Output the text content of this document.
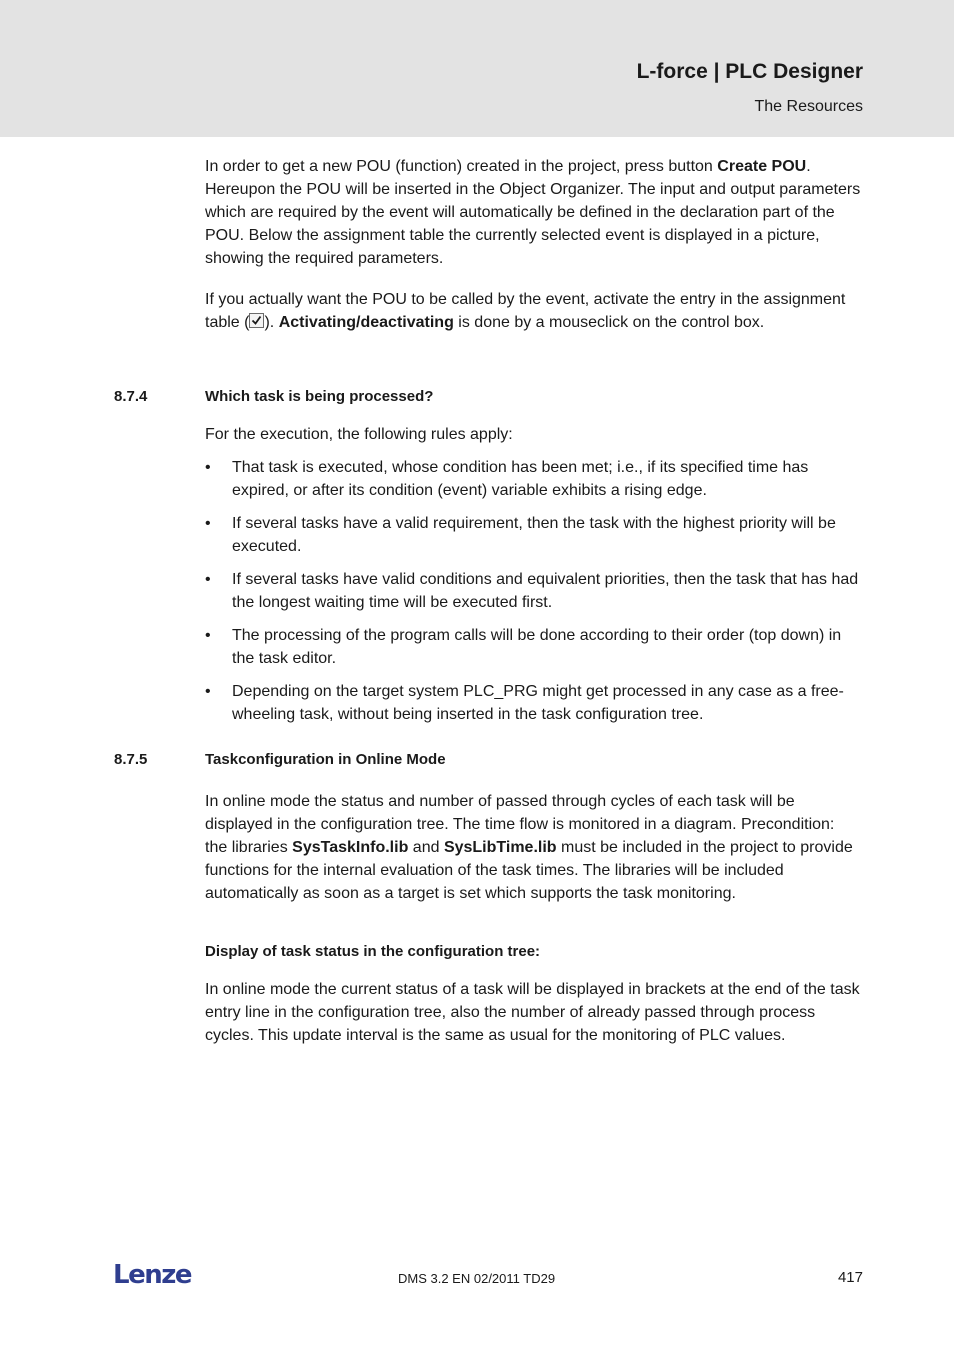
L-force | PLC Designer
The Resources

In order to get a new POU (function) created in the project, press button Create POU. Hereupon the POU will be inserted in the Object Organizer. The input and output parameters which are required by the event will automatically be defined in the declaration part of the POU. Below the assignment table the currently selected event is displayed in a picture, showing the required parameters.

If you actually want the POU to be called by the event, activate the entry in the assignment table ( ). Activating/deactivating is done by a mouseclick on the control box.

8.7.4	Which task is being processed?

For the execution, the following rules apply:

• That task is executed, whose condition has been met; i.e., if its specified time has expired, or after its condition (event) variable exhibits a rising edge.
• If several tasks have a valid requirement, then the task with the highest priority will be executed.
• If several tasks have valid conditions and equivalent priorities, then the task that has had the longest waiting time will be executed first.
• The processing of the program calls will be done according to their order (top down) in the task editor.
• Depending on the target system PLC_PRG might get processed in any case as a free-wheeling task, without being inserted in the task configuration tree.
8.7.5	Taskconfiguration in Online Mode

In online mode the status and number of passed through cycles of each task will be displayed in the configuration tree. The time flow is monitored in a diagram. Precondition: the libraries SysTaskInfo.lib and SysLibTime.lib must be included in the project to provide functions for the internal evaluation of the task times. The libraries will be included automatically as soon as a target is set which supports the task monitoring.

Display of task status in the configuration tree:

In online mode the current status of a task will be displayed in brackets at the end of the task entry line in the configuration tree, also the number of already passed through process cycles. This update interval is the same as usual for the monitoring of PLC values.

Lenze	DMS 3.2 EN 02/2011 TD29	417
